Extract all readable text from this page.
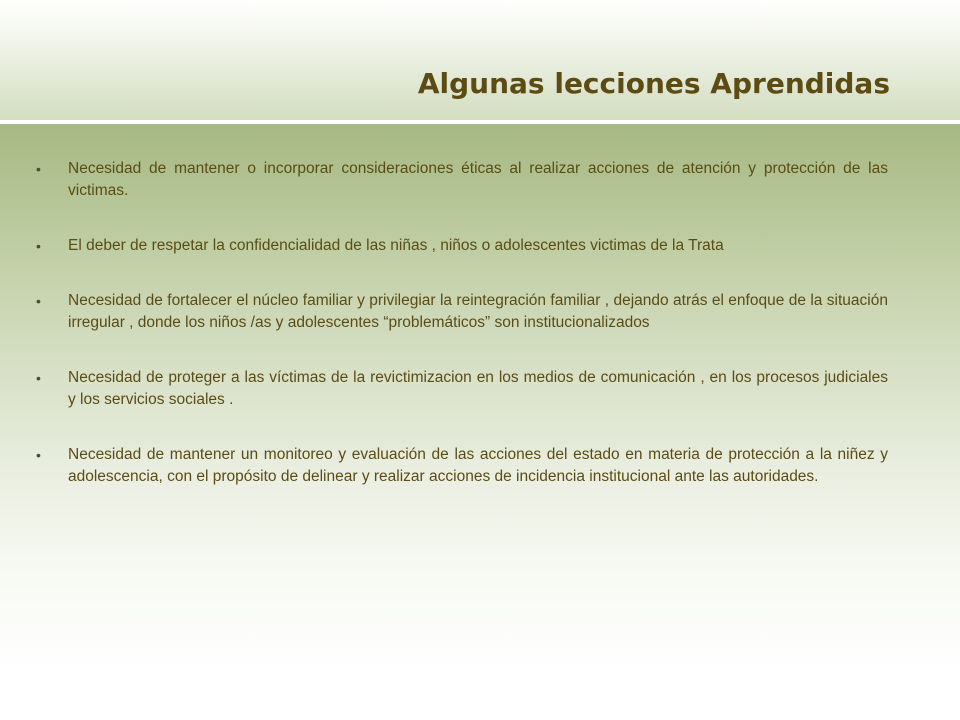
Algunas lecciones Aprendidas
•	Necesidad de mantener o incorporar consideraciones éticas al realizar acciones de atención y protección de las victimas.
•	El deber de respetar la confidencialidad de las niñas , niños o adolescentes victimas de la Trata
•	Necesidad de fortalecer el núcleo familiar y privilegiar la reintegración familiar , dejando atrás el enfoque de la situación irregular , donde los niños /as y adolescentes “problemáticos” son institucionalizados
•	Necesidad de proteger a las víctimas de la revictimizacion en los medios de comunicación , en los procesos judiciales y los servicios sociales .
•	Necesidad de mantener un monitoreo y evaluación de las acciones del estado en materia de protección a la niñez y adolescencia, con el propósito de delinear y realizar acciones de incidencia institucional ante las autoridades.
